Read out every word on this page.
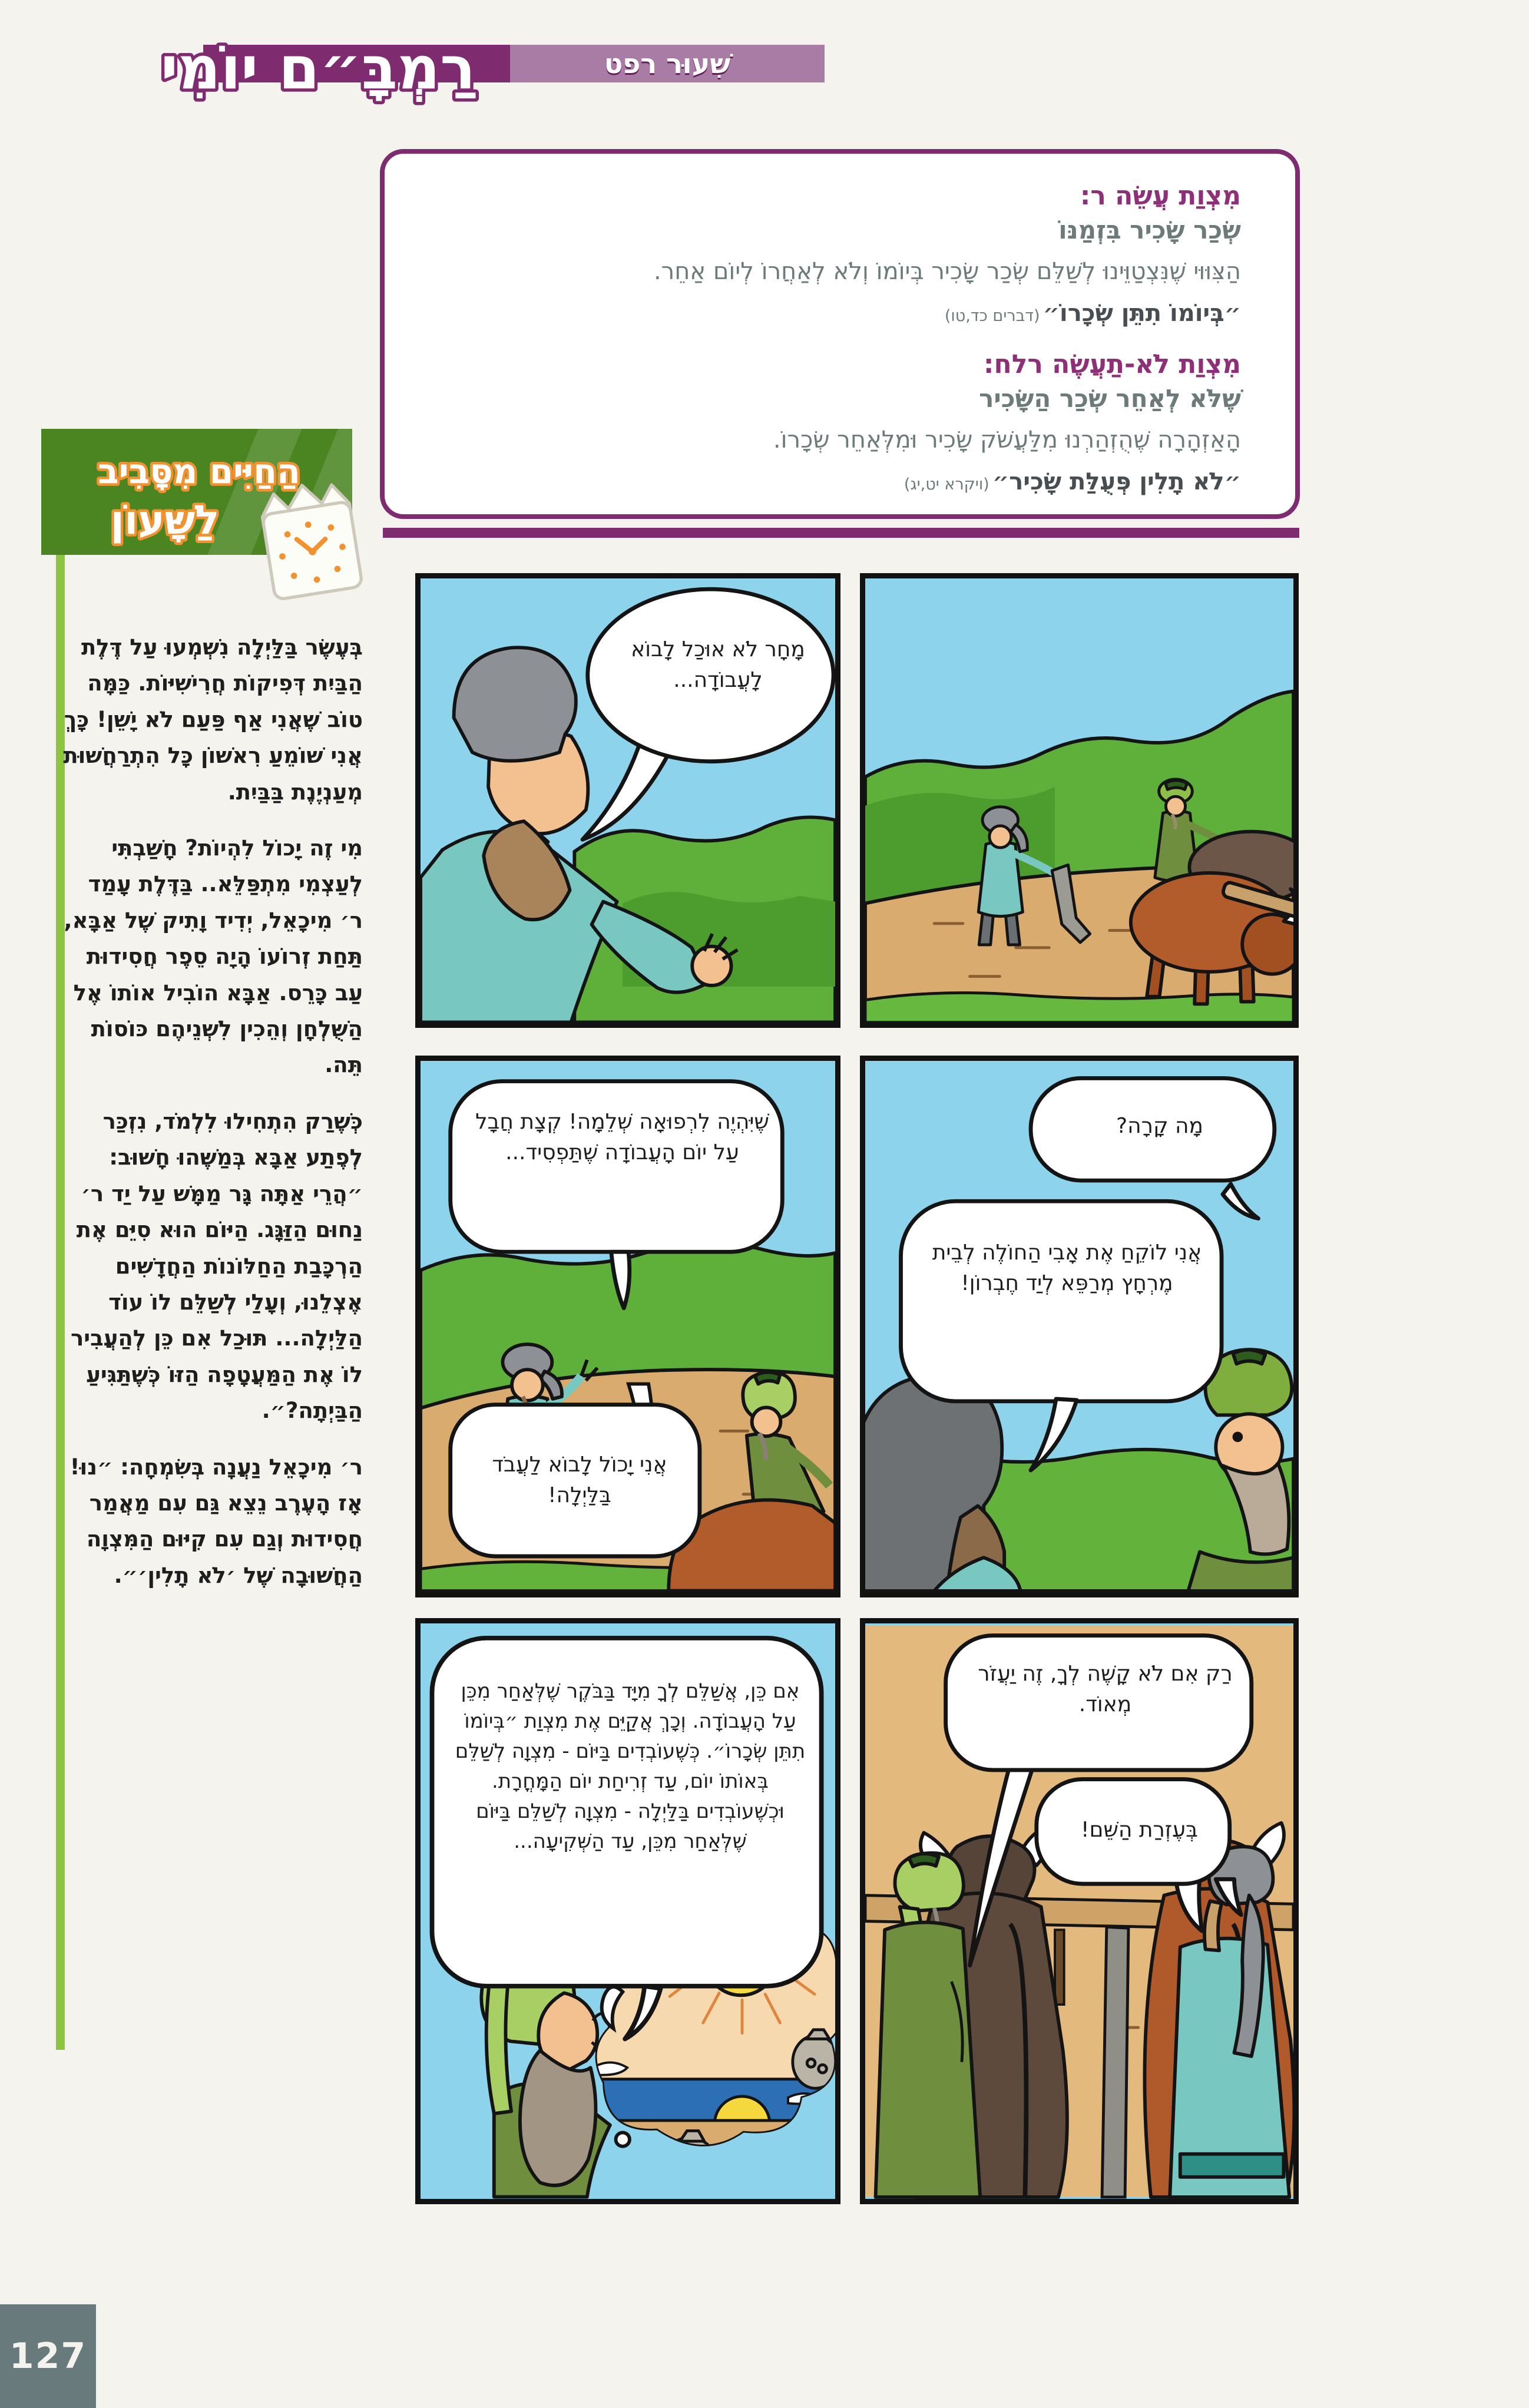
שִׁעוּר רפט
רַמְבָּ״ם יוֹמִי

מִצְוַת עֲשֵׂה ר:

שְׂכַר שָׂכִיר בִּזְמַנּוֹ

הַצִּוּוּי שֶׁנִּצְטַוֵּינוּ לְשַׁלֵּם שְׂכַר שָׂכִיר בְּיוֹמוֹ וְלֹא לְאַחֲרוֹ לְיוֹם אַחֵר.

״בְּיוֹמוֹ תִתֵּן שְׂכָרוֹ״ (דברים כד,טו)

מִצְוַת לֹא-תַעֲשֶׂה רלח:

שֶׁלֹּא לְאַחֵר שְׂכַר הַשָּׂכִיר

הָאַזְהָרָה שֶׁהֻזְהַרְנוּ מִלַּעֲשֹׁק שָׂכִיר וּמִלְּאַחֵר שְׂכָרוֹ.

״לֹא תָלִין פְּעֻלַּת שָׂכִיר״ (ויקרא יט,יג)

הַחַיִּים מִסָּבִיב
לַשָּׁעוֹן

בְּעֶשֶׂר בַּלַּיְלָה נִשְׁמְעוּ עַל דֶּלֶת הַבַּיִת דְּפִיקוֹת חֲרִישִׁיּוֹת. כַּמָּה טוֹב שֶׁאֲנִי אַף פַּעַם לֹא יָשֵׁן! כָּךְ אֲנִי שׁוֹמֵעַ רִאשׁוֹן כָּל הִתְרַחֲשׁוּת מְעַנְיֶנֶת בַּבַּיִת.

מִי זֶה יָכוֹל לִהְיוֹת? חָשַׁבְתִּי לְעַצְמִי מִתְפַּלֵּא.. בַּדֶּלֶת עָמַד ר׳ מִיכָאֵל, יְדִיד וָתִיק שֶׁל אַבָּא, תַּחַת זְרוֹעוֹ הָיָה סֵפֶר חֲסִידוּת עַב כָּרֵס. אַבָּא הוֹבִיל אוֹתוֹ אֶל הַשֻּׁלְחָן וְהֵכִין לִשְׁנֵיהֶם כּוֹסוֹת תֵּה.

כְּשֶׁרַק הִתְחִילוּ לִלְמֹד, נִזְכַּר לְפֶתַע אַבָּא בְּמַשֶּׁהוּ חָשׁוּב: ״הֲרֵי אַתָּה גָּר מַמָּשׁ עַל יַד ר׳ נַחוּם הַזַּגָּג. הַיּוֹם הוּא סִיֵּם אֶת הַרְכָּבַת הַחַלּוֹנוֹת הַחֲדָשִׁים אֶצְלֵנוּ, וְעָלַי לְשַׁלֵּם לוֹ עוֹד הַלַּיְלָה... תּוּכַל אִם כֵּן לְהַעֲבִיר לוֹ אֶת הַמַּעֲטָפָה הַזּוֹ כְּשֶׁתַּגִּיעַ הַבַּיְתָה?״.

ר׳ מִיכָאֵל נַעֲנָה בְּשִׂמְחָה: ״נוּ! אָז הָעֶרֶב נֵצֵא גַּם עִם מַאֲמַר חֲסִידוּת וְגַם עִם קִיּוּם הַמִּצְוָה הַחֲשׁוּבָה שֶׁל ׳לֹא תָלִין׳״.

מָחָר לֹא אוּכַל לָבוֹא לָעֲבוֹדָה...
מָה קָרָה?
אֲנִי לוֹקֵחַ אֶת אָבִי הַחוֹלֶה לְבֵית מֶרְחָץ מְרַפֵּא לְיַד חֶבְרוֹן!
שֶׁיִּהְיֶה לִרְפוּאָה שְׁלֵמָה! קְצָת חֲבָל עַל יוֹם הָעֲבוֹדָה שֶׁתַּפְסִיד...
אֲנִי יָכוֹל לָבוֹא לַעֲבֹד בַּלַּיְלָה!
רַק אִם לֹא קָשֶׁה לְךָ, זֶה יַעֲזֹר מְאוֹד.
בְּעֶזְרַת הַשֵּׁם!
אִם כֵּן, אֲשַׁלֵּם לְךָ מִיָּד בַּבֹּקֶר שֶׁלְּאַחַר מִכֵּן עַל הָעֲבוֹדָה. וְכָךְ אֲקַיֵּם אֶת מִצְוַת ״בְּיוֹמוֹ תִתֵּן שְׂכָרוֹ״. כְּשֶׁעוֹבְדִים בַּיּוֹם - מִצְוָה לְשַׁלֵּם בְּאוֹתוֹ יוֹם, עַד זְרִיחַת יוֹם הַמָּחֳרָת. וּכְשֶׁעוֹבְדִים בַּלַּיְלָה - מִצְוָה לְשַׁלֵּם בַּיּוֹם שֶׁלְּאַחַר מִכֵּן, עַד הַשְּׁקִיעָה...
127
